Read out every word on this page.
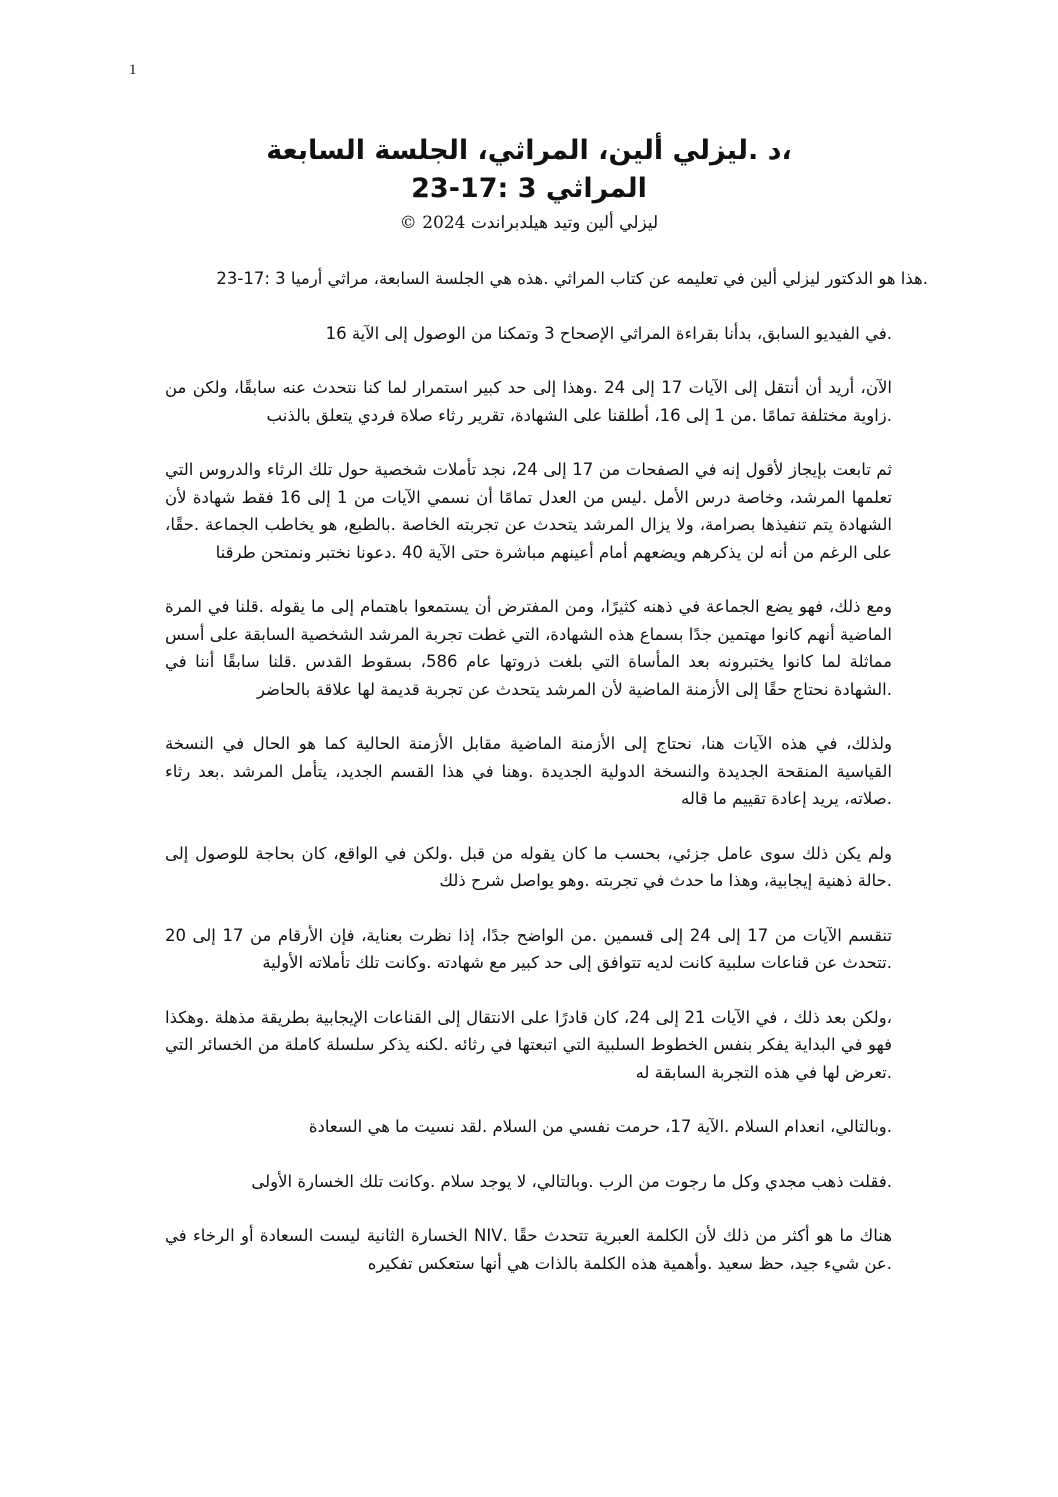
1
،د .ليزلي ألين، المراثي، الجلسة السابعة
المراثي 3 :17-23
ليزلي ألين وتيد هيلدبراندت 2024 ©

.هذا هو الدكتور ليزلي ألين في تعليمه عن كتاب المراثي .هذه هي الجلسة السابعة، مراثي أرميا 3 :17-23

.في الفيديو السابق، بدأنا بقراءة المراثي الإصحاح 3 وتمكنا من الوصول إلى الآية 16

الآن، أريد أن أنتقل إلى الآيات 17 إلى 24 .وهذا إلى حد كبير استمرار لما كنا نتحدث عنه سابقًا، ولكن من .زاوية مختلفة تمامًا .من 1 إلى 16، أطلقنا على الشهادة، تقرير رثاء صلاة فردي يتعلق بالذنب

ثم تابعت بإيجاز لأقول إنه في الصفحات من 17 إلى 24، نجد تأملات شخصية حول تلك الرثاء والدروس التي تعلمها المرشد، وخاصة درس الأمل .ليس من العدل تمامًا أن نسمي الآيات من 1 إلى 16 فقط شهادة لأن الشهادة يتم تنفيذها بصرامة، ولا يزال المرشد يتحدث عن تجربته الخاصة .بالطبع، هو يخاطب الجماعة .حقًا، على الرغم من أنه لن يذكرهم ويضعهم أمام أعينهم مباشرة حتى الآية 40 .دعونا نختبر ونمتحن طرقنا

ومع ذلك، فهو يضع الجماعة في ذهنه كثيرًا، ومن المفترض أن يستمعوا باهتمام إلى ما يقوله .قلنا في المرة الماضية أنهم كانوا مهتمين جدًا بسماع هذه الشهادة، التي غطت تجربة المرشد الشخصية السابقة على أسس مماثلة لما كانوا يختبرونه بعد المأساة التي بلغت ذروتها عام 586، بسقوط القدس .قلنا سابقًا أننا في .الشهادة نحتاج حقًا إلى الأزمنة الماضية لأن المرشد يتحدث عن تجربة قديمة لها علاقة بالحاضر

ولذلك، في هذه الآيات هنا، نحتاج إلى الأزمنة الماضية مقابل الأزمنة الحالية كما هو الحال في النسخة القياسية المنقحة الجديدة والنسخة الدولية الجديدة .وهنا في هذا القسم الجديد، يتأمل المرشد .بعد رثاء .صلاته، يريد إعادة تقييم ما قاله

ولم يكن ذلك سوى عامل جزئي، بحسب ما كان يقوله من قبل .ولكن في الواقع، كان بحاجة للوصول إلى .حالة ذهنية إيجابية، وهذا ما حدث في تجربته .وهو يواصل شرح ذلك

تنقسم الآيات من 17 إلى 24 إلى قسمين .من الواضح جدًا، إذا نظرت بعناية، فإن الأرقام من 17 إلى 20 .تتحدث عن قناعات سلبية كانت لديه تتوافق إلى حد كبير مع شهادته .وكانت تلك تأملاته الأولية

،ولكن بعد ذلك ، في الآيات 21 إلى 24، كان قادرًا على الانتقال إلى القناعات الإيجابية بطريقة مذهلة .وهكذا فهو في البداية يفكر بنفس الخطوط السلبية التي اتبعتها في رثائه .لكنه يذكر سلسلة كاملة من الخسائر التي .تعرض لها في هذه التجربة السابقة له

.وبالتالي، انعدام السلام .الآية 17، حرمت نفسي من السلام .لقد نسيت ما هي السعادة

.فقلت ذهب مجدي وكل ما رجوت من الرب .وبالتالي، لا يوجد سلام .وكانت تلك الخسارة الأولى

هناك ما هو أكثر من ذلك لأن الكلمة العبرية تتحدث حقًا .NIV الخسارة الثانية ليست السعادة أو الرخاء في .عن شيء جيد، حظ سعيد .وأهمية هذه الكلمة بالذات هي أنها ستعكس تفكيره
